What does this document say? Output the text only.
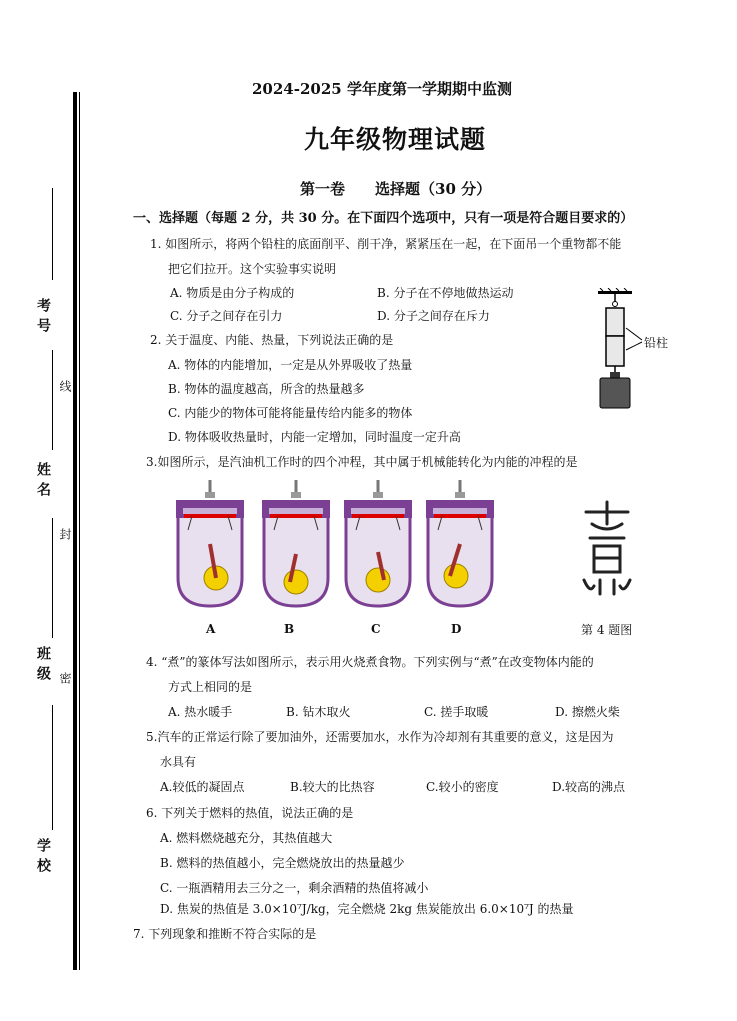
考号
姓名
班级
学校
线
封
密
2024-2025 学年度第一学期期中监测
九年级物理试题
第一卷　　选择题（30 分）
一、选择题（每题 2 分，共 30 分。在下面四个选项中，只有一项是符合题目要求的）
1. 如图所示，将两个铅柱的底面削平、削干净，紧紧压在一起，在下面吊一个重物都不能
把它们拉开。这个实验事实说明
A. 物质是由分子构成的	B. 分子在不停地做热运动
C. 分子之间存在引力	D. 分子之间存在斥力
铅柱
2. 关于温度、内能、热量，下列说法正确的是
A. 物体的内能增加，一定是从外界吸收了热量
B. 物体的温度越高，所含的热量越多
C. 内能少的物体可能将能量传给内能多的物体
D. 物体吸收热量时，内能一定增加，同时温度一定升高
3.如图所示，是汽油机工作时的四个冲程，其中属于机械能转化为内能的冲程的是
A	B	C	D	第 4 题图
4. “煮”的篆体写法如图所示，表示用火烧煮食物。下列实例与“煮”在改变物体内能的
方式上相同的是
A. 热水暖手	B. 钻木取火	C. 搓手取暖	D. 擦燃火柴
5.汽车的正常运行除了要加油外，还需要加水，水作为冷却剂有其重要的意义，这是因为
水具有
A.较低的凝固点	B.较大的比热容	C.较小的密度	D.较高的沸点
6. 下列关于燃料的热值，说法正确的是
A. 燃料燃烧越充分，其热值越大
B. 燃料的热值越小，完全燃烧放出的热量越少
C. 一瓶酒精用去三分之一，剩余酒精的热值将减小
D. 焦炭的热值是 3.0×10⁷J/kg，完全燃烧 2kg 焦炭能放出 6.0×10⁷J 的热量
7. 下列现象和推断不符合实际的是
